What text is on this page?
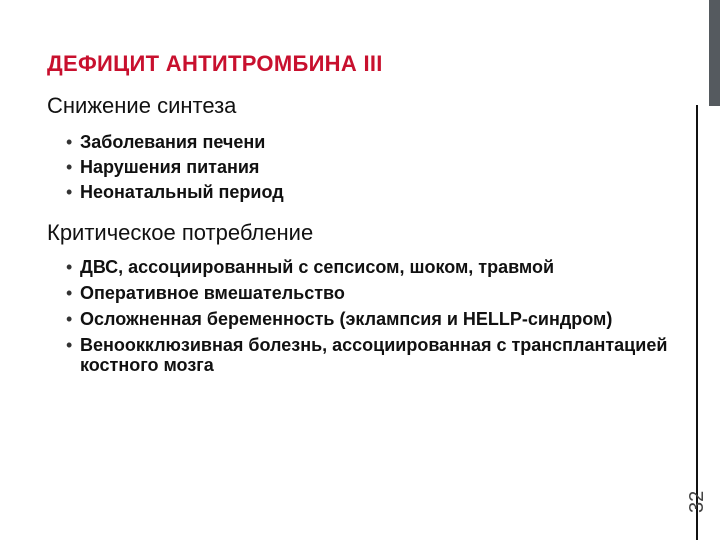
ДЕФИЦИТ АНТИТРОМБИНА III
Снижение синтеза
• Заболевания печени
• Нарушения питания
• Неонатальный период
Критическое потребление
• ДВС, ассоциированный с сепсисом, шоком, травмой
• Оперативное вмешательство
• Осложненная беременность (эклампсия и HELLP-синдром)
• Веноокклюзивная болезнь, ассоциированная с трансплантацией костного мозга
32
